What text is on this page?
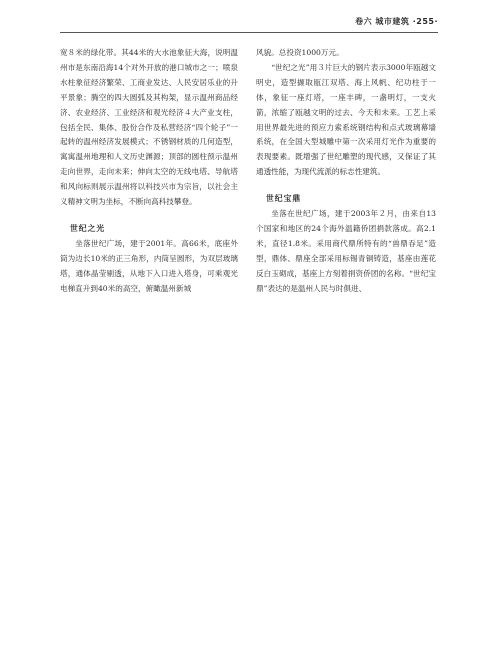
卷六 城市建筑 ·255·

宽８米的绿化带。其44米的大水池象征大海，说明温州市是东南沿海14个对外开放的港口城市之一；喷泉水柱象征经济繁荣、工商业发达、人民安居乐业的升平景象；腾空的四大圆弧及其构架，显示温州商品经济、农业经济、工业经济和观光经济４大产业支柱，包括全民、集体、股份合作及私营经济“四个轮子”一起转的温州经济发展模式；不锈钢材质的几何造型，寓寓温州地理和人文历史渊源；顶部的圆柱预示温州走向世界，走向未来；伸向太空的无线电塔、导航塔和风向标则展示温州将以科技兴市为宗旨，以社会主义精神文明为坐标，不断向高科技攀登。

世纪之光

坐落世纪广场，建于2001年。高66米，底座外筒为边长10米的正三角形，内筒呈圆形，为双层玻璃塔，通体晶莹剔透，从地下入口进入塔身，可乘观光电梯直升到40米的高空，俯瞰温州新城

风貌。总投资1000万元。

“世纪之光”用３片巨大的钢片表示3000年瓯越文明史，造型撷取瓯江双塔、海上风帆、纪功柱于一体，象征一座灯塔，一座丰碑，一盏明灯，一支火箭，浓缩了瓯越文明的过去、今天和未来。工艺上采用世界最先进的预应力索系统钢结构和点式玻璃幕墙系统，在全国大型城雕中第一次采用灯光作为重要的表现要素。既增强了世纪雕塑的现代感，又保证了其通透性能，为现代流派的标志性建筑。

世纪宝鼎

坐落在世纪广场，建于2003年２月，由来自13个国家和地区的24个海外温籍侨团捐款落成。高2.1米，直径1.8米。采用商代鼎所特有的“兽鼎吞足”造型，鼎体、鼎座全部采用标锡青铜铸造，基座由莲花反白玉砌成，基座上方刻着捐资侨团的名称。“世纪宝鼎”表达的是温州人民与时俱进、
